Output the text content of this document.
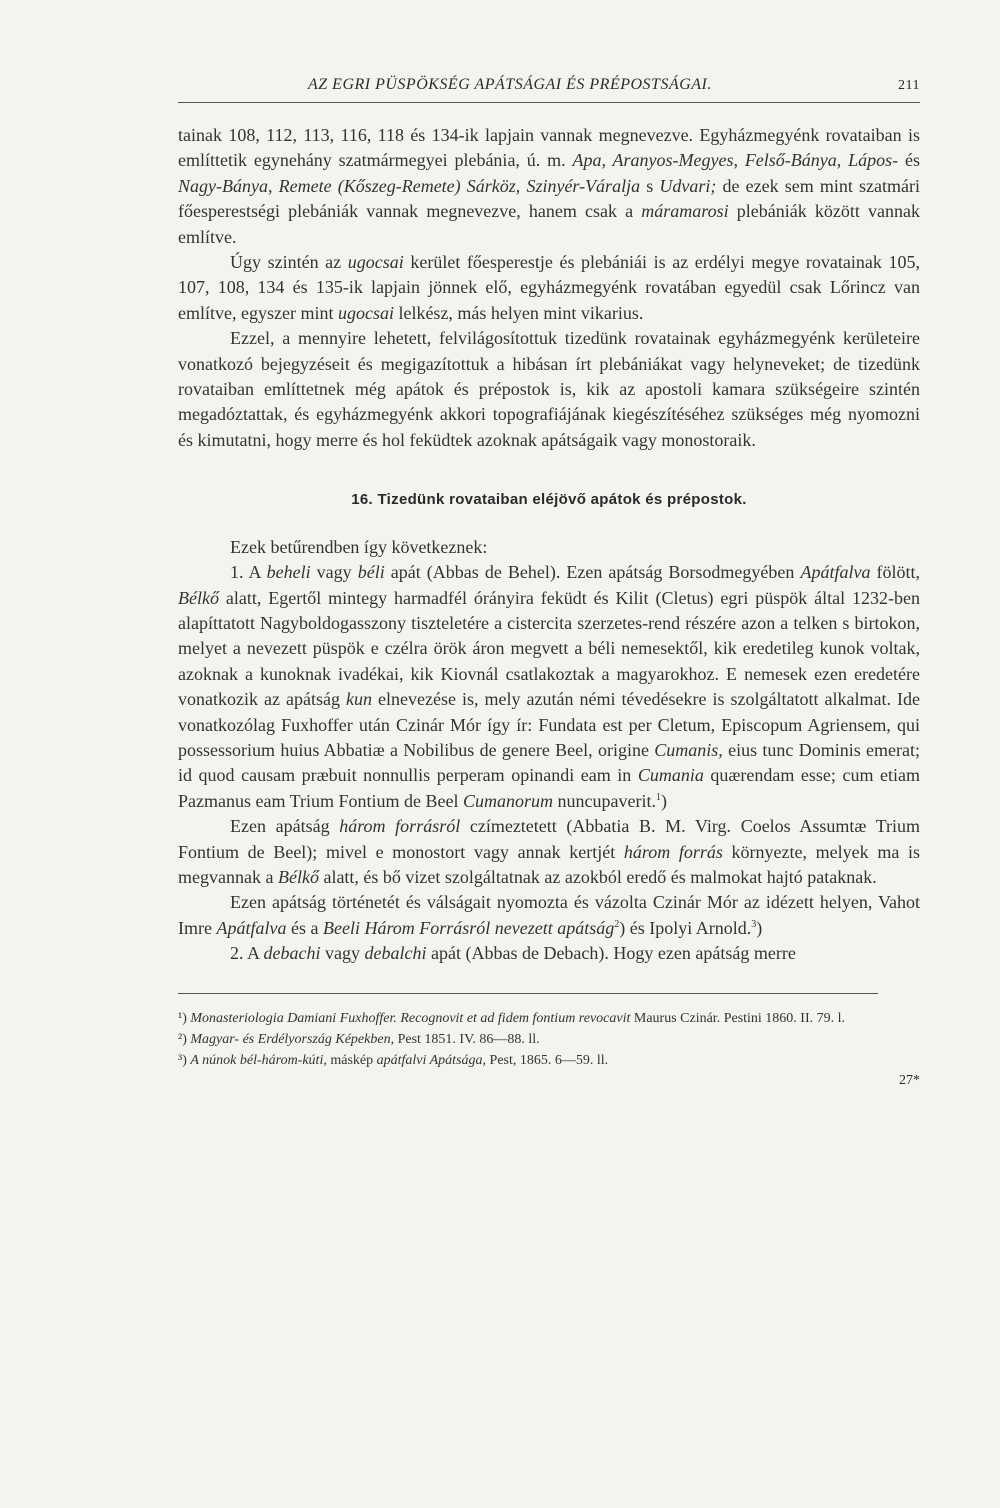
AZ EGRI PÜSPÖKSÉG APÁTSÁGAI ÉS PRÉPOSTSÁGAI.	211

tainak 108, 112, 113, 116, 118 és 134-ik lapjain vannak megnevezve. Egyházmegyénk rovataiban is említtetik egynehány szatmármegyei plebánia, ú. m. Apa, Aranyos-Megyes, Felső-Bánya, Lápos- és Nagy-Bánya, Remete (Kőszeg-Remete) Sárköz, Szinyér-Váralja s Udvari; de ezek sem mint szatmári főesperestségi plebániák vannak megnevezve, hanem csak a máramarosi plebániák között vannak említve.

Úgy szintén az ugocsai kerület főesperestje és plebániái is az erdélyi megye rovatainak 105, 107, 108, 134 és 135-ik lapjain jönnek elő, egyházmegyénk rovatában egyedül csak Lőrincz van említve, egyszer mint ugocsai lelkész, más helyen mint vikarius.

Ezzel, a mennyire lehetett, felvilágosítottuk tizedünk rovatainak egyházmegyénk kerületeire vonatkozó bejegyzéseit és megigazítottuk a hibásan írt plebániákat vagy helyneveket; de tizedünk rovataiban említtetnek még apátok és prépostok is, kik az apostoli kamara szükségeire szintén megadóztattak, és egyházmegyénk akkori topografiájának kiegészítéséhez szükséges még nyomozni és kimutatni, hogy merre és hol feküdtek azoknak apátságaik vagy monostoraik.

16. Tizedünk rovataiban eléjövő apátok és prépostok.

Ezek betűrendben így következnek:

1. A beheli vagy béli apát (Abbas de Behel). Ezen apátság Borsodmegyében Apátfalva fölött, Bélkő alatt, Egertől mintegy harmadfél órányira feküdt és Kilit (Cletus) egri püspök által 1232-ben alapíttatott Nagyboldogasszony tiszteletére a cistercita szerzetes-rend részére azon a telken s birtokon, melyet a nevezett püspök e czélra örök áron megvett a béli nemesektől, kik eredetileg kunok voltak, azoknak a kunoknak ivadékai, kik Kiovnál csatlakoztak a magyarokhoz. E nemesek ezen eredetére vonatkozik az apátság kun elnevezése is, mely azután némi tévedésekre is szolgáltatott alkalmat. Ide vonatkozólag Fuxhoffer után Czinár Mór így ír: Fundata est per Cletum, Episcopum Agriensem, qui possessorium huius Abbatiæ a Nobilibus de genere Beel, origine Cumanis, eius tunc Dominis emerat; id quod causam præbuit nonnullis perperam opinandi eam in Cumania quærendam esse; cum etiam Pazmanus eam Trium Fontium de Beel Cumanorum nuncupaverit.$^1$)

Ezen apátság három forrásról czímeztetett (Abbatia B. M. Virg. Coelos Assumtæ Trium Fontium de Beel); mivel e monostort vagy annak kertjét három forrás környezte, melyek ma is megvannak a Bélkő alatt, és bő vizet szolgáltatnak az azokból eredő és malmokat hajtó pataknak.

Ezen apátság történetét és válságait nyomozta és vázolta Czinár Mór az idézett helyen, Vahot Imre Apátfalva és a Beeli Három Forrásról nevezett apátság$^2$) és Ipolyi Arnold.$^3$)

2. A debachi vagy debalchi apát (Abbas de Debach). Hogy ezen apátság merre

¹) Monasteriologia Damiani Fuxhoffer. Recognovit et ad fidem fontium revocavit Maurus Czinár. Pestini 1860. II. 79. l.

²) Magyar- és Erdélyország Képekben, Pest 1851. IV. 86—88. ll.

³) A núnok bél-három-kúti, máskép apátfalvi Apátsága, Pest, 1865. 6—59. ll.

27*
